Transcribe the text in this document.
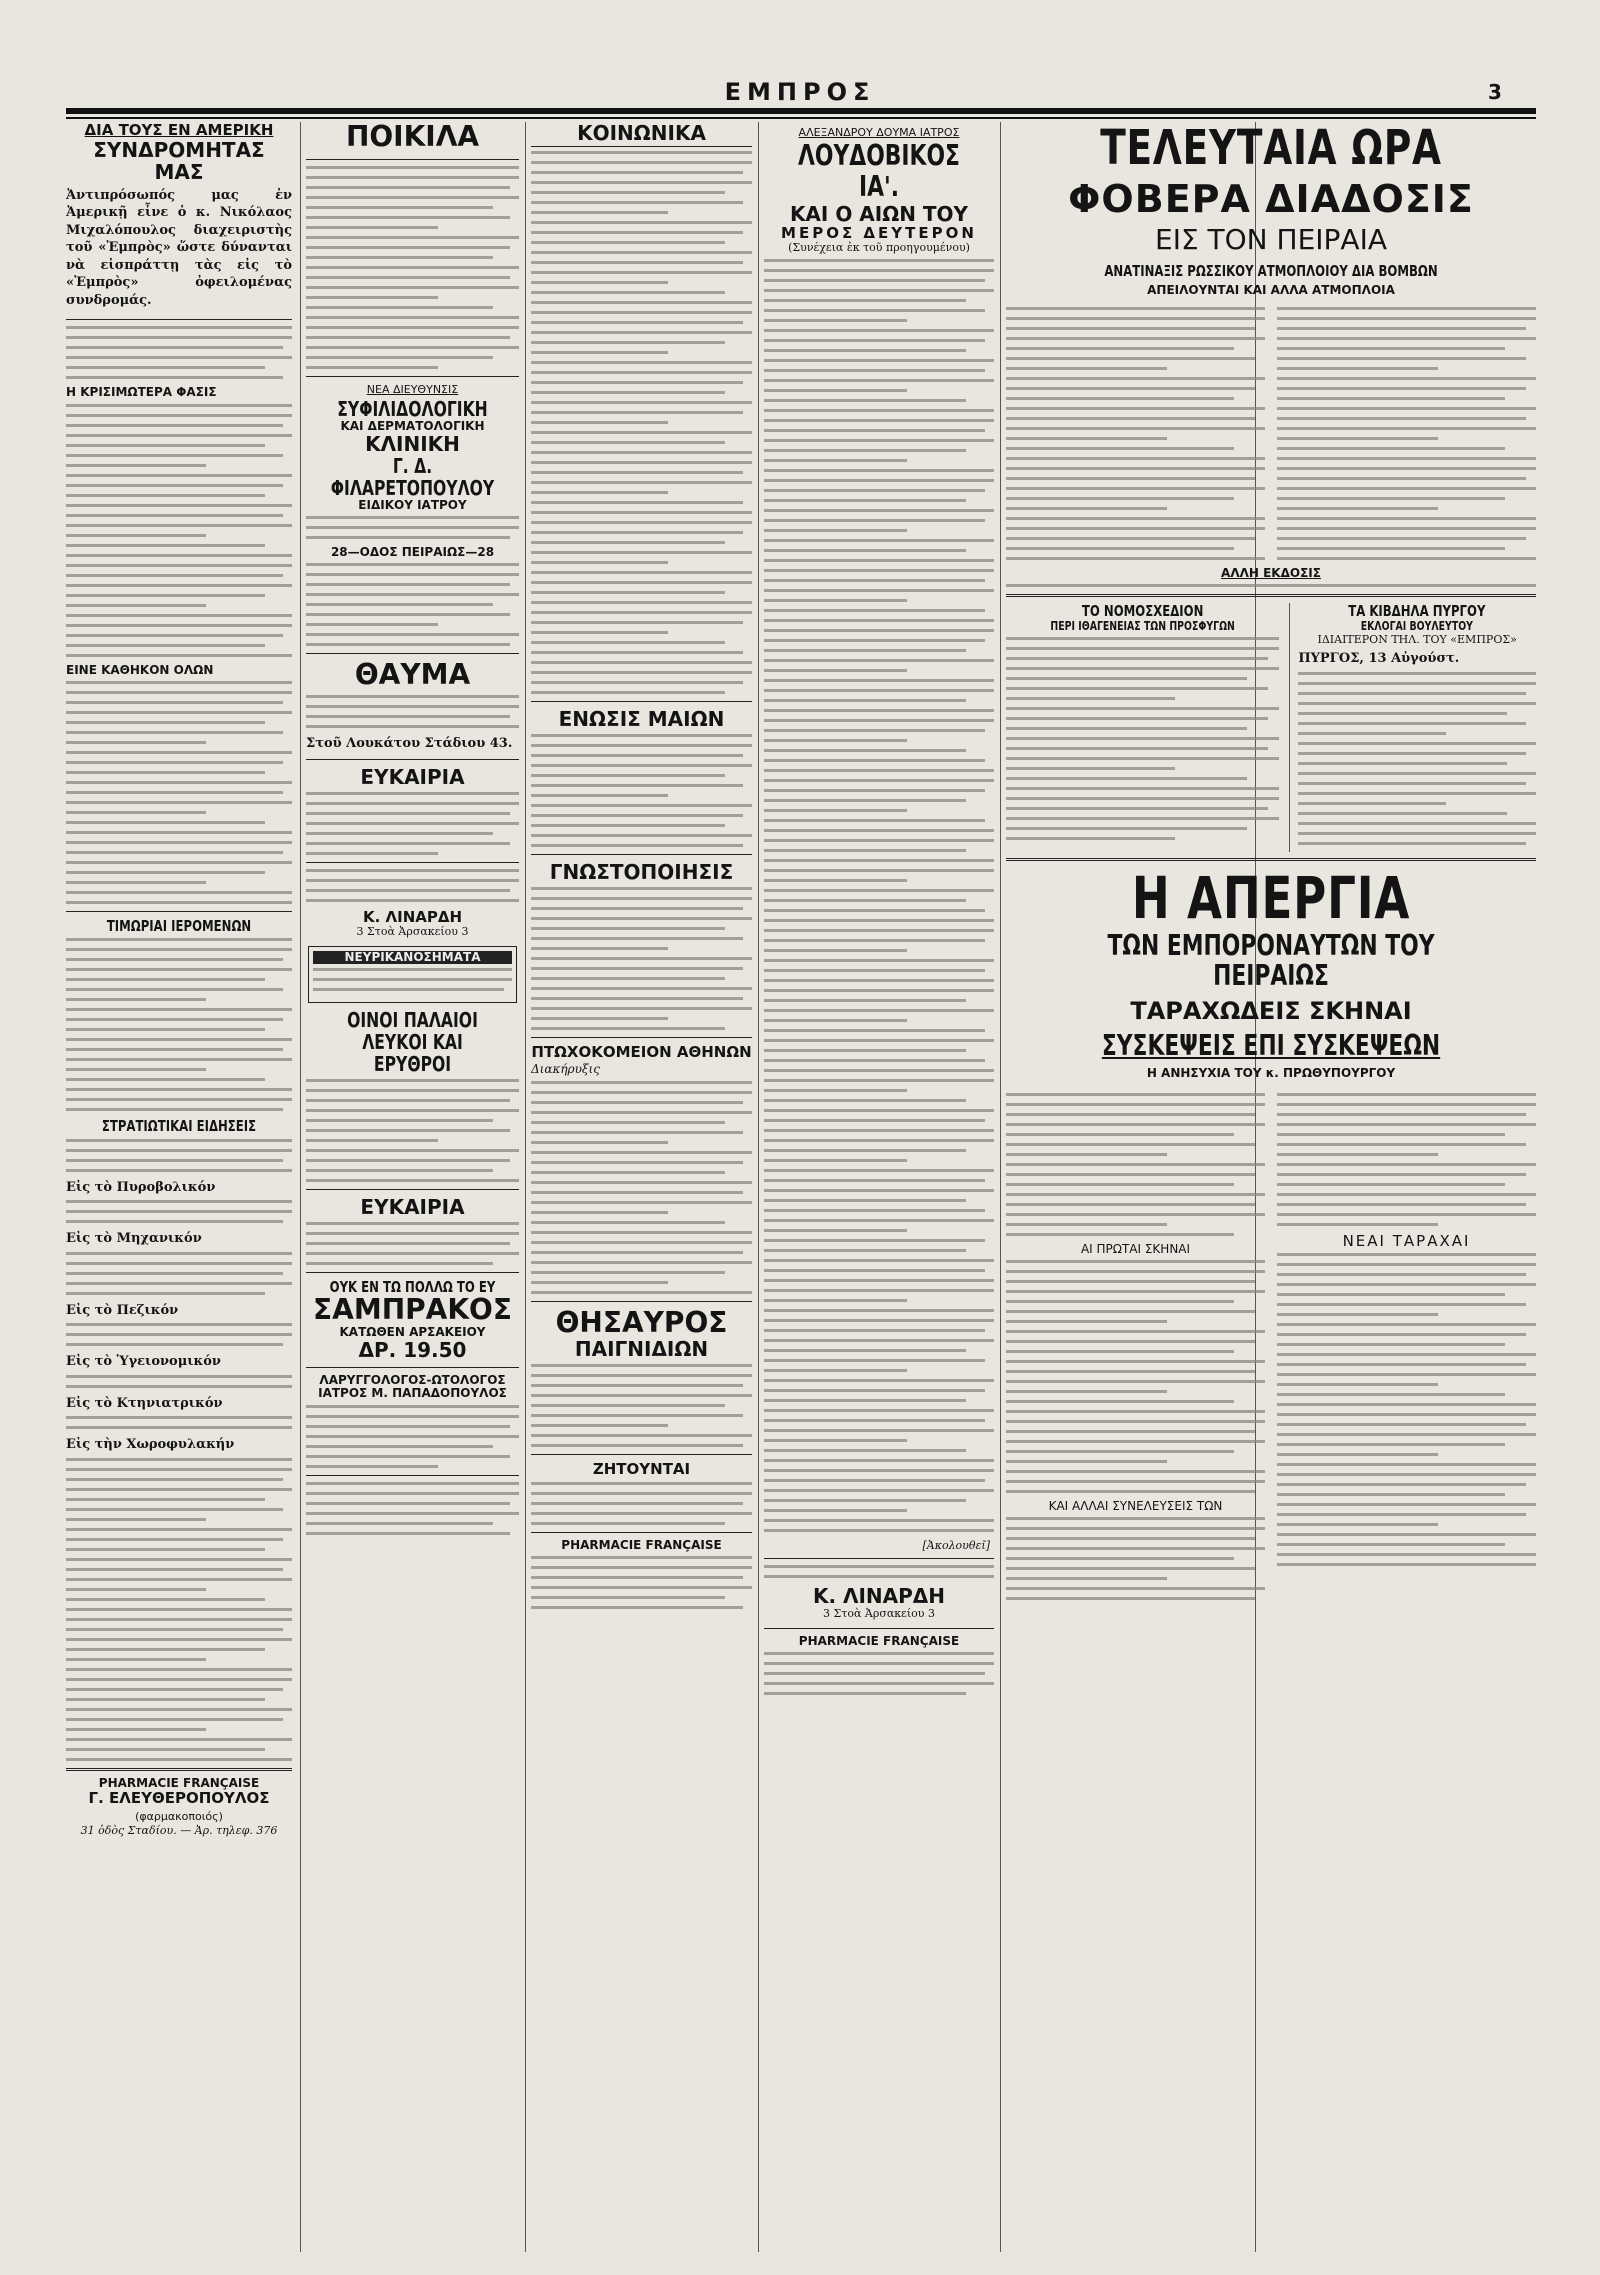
ΕΜΠΡΟΣ	3
ΔΙΑ ΤΟΥΣ ΕΝ ΑΜΕΡΙΚΗ
ΣΥΝΔΡΟΜΗΤΑΣ ΜΑΣ
Ἀντιπρόσωπός μας ἐν Ἀμερικῇ εἶνε ὁ κ. Νικόλαος Μιχαλόπουλος διαχειριστὴς τοῦ «Ἐμπρὸς» ὥστε δύνανται νὰ εἰσπράττῃ τὰς εἰς τὸ «Ἐμπρὸς» ὀφειλομένας συνδρομάς.
Η ΚΡΙΣΙΜΩΤΕΡΑ ΦΑΣΙΣ
ΕΙΝΕ ΚΑΘΗΚΟΝ ΟΛΩΝ
ΤΙΜΩΡΙΑΙ ΙΕΡΟΜΕΝΩΝ
ΣΤΡΑΤΙΩΤΙΚΑΙ ΕΙΔΗΣΕΙΣ
Εἰς τὸ Πυροβολικόν
Εἰς τὸ Μηχανικόν
Εἰς τὸ Πεζικόν
Εἰς τὸ Ὑγειονομικόν
Εἰς τὸ Κτηνιατρικόν
Εἰς τὴν Χωροφυλακήν
PHARMACIE FRANÇAISE
Γ. ΕΛΕΥΘΕΡΟΠΟΥΛΟΣ (φαρμακοποιός)
31 ὁδὸς Σταδίου. — Ἀρ. τηλεφ. 376
ΠΟΙΚΙΛΑ
ΝΕΑ ΔΙΕΥΘΥΝΣΙΣ
ΣΥΦΙΛΙΔΟΛΟΓΙΚΗ
ΚΑΙ ΔΕΡΜΑΤΟΛΟΓΙΚΗ
ΚΛΙΝΙΚΗ
Γ. Δ. ΦΙΛΑΡΕΤΟΠΟΥΛΟΥ
ΕΙΔΙΚΟΥ ΙΑΤΡΟΥ
28—ΟΔΟΣ ΠΕΙΡΑΙΩΣ—28
ΘΑΥΜΑ
Στοῦ Λουκάτου Στάδιου 43.
ΕΥΚΑΙΡΙΑ
Κ. ΛΙΝΑΡΔΗ
3 Στοὰ Ἀρσακείου 3
ΝΕΥΡΙΚΑΝΟΣΗΜΑΤΑ
ΟΙΝΟΙ ΠΑΛΑΙΟΙ
ΛΕΥΚΟΙ ΚΑΙ ΕΡΥΘΡΟΙ
ΕΥΚΑΙΡΙΑ
ΟΥΚ ΕΝ ΤΩ ΠΟΛΛΩ ΤΟ ΕΥ
ΣΑΜΠΡΑΚΟΣ
ΚΑΤΩΘΕΝ ΑΡΣΑΚΕΙΟΥ
ΔΡ. 19.50
ΛΑΡΥΓΓΟΛΟΓΟΣ-ΩΤΟΛΟΓΟΣ
ΙΑΤΡΟΣ Μ. ΠΑΠΑΔΟΠΟΥΛΟΣ
ΚΟΙΝΩΝΙΚΑ
ΕΝΩΣΙΣ ΜΑΙΩΝ
ΓΝΩΣΤΟΠΟΙΗΣΙΣ
ΠΤΩΧΟΚΟΜΕΙΟΝ ΑΘΗΝΩΝ
Διακήρυξις
ΘΗΣΑΥΡΟΣ
ΠΑΙΓΝΙΔΙΩΝ
ΖΗΤΟΥΝΤΑΙ
PHARMACIE FRANÇAISE
ΑΛΕΞΑΝΔΡΟΥ ΔΟΥΜΑ ΙΑΤΡΟΣ
ΛΟΥΔΟΒΙΚΟΣ ΙΑ'.
ΚΑΙ Ο ΑΙΩΝ ΤΟΥ
ΜΕΡΟΣ ΔΕΥΤΕΡΟΝ
(Συνέχεια ἐκ τοῦ προηγουμένου)
[Ἀκολουθεῖ]
Κ. ΛΙΝΑΡΔΗ
3 Στοὰ Ἀρσακείου 3
PHARMACIE FRANÇAISE
ΤΕΛΕΥΤΑΙΑ ΩΡΑ
ΦΟΒΕΡΑ ΔΙΑΔΟΣΙΣ
ΕΙΣ ΤΟΝ ΠΕΙΡΑΙΑ
ΑΝΑΤΙΝΑΞΙΣ ΡΩΣΣΙΚΟΥ ΑΤΜΟΠΛΟΙΟΥ ΔΙΑ ΒΟΜΒΩΝ
ΑΠΕΙΛΟΥΝΤΑΙ ΚΑΙ ΑΛΛΑ ΑΤΜΟΠΛΟΙΑ
ΑΛΛΗ ΕΚΔΟΣΙΣ
ΤΟ ΝΟΜΟΣΧΕΔΙΟΝ
ΠΕΡΙ ΙΘΑΓΕΝΕΙΑΣ ΤΩΝ ΠΡΟΣΦΥΓΩΝ
ΤΑ ΚΙΒΔΗΛΑ ΠΥΡΓΟΥ
ΕΚΛΟΓΑΙ ΒΟΥΛΕΥΤΟΥ
ΙΔΙΑΙΤΕΡΟΝ ΤΗΛ. ΤΟΥ «ΕΜΠΡΟΣ»
ΠΥΡΓΟΣ, 13 Αὐγούστ.
Η ΑΠΕΡΓΙΑ
ΤΩΝ ΕΜΠΟΡΟΝΑΥΤΩΝ ΤΟΥ ΠΕΙΡΑΙΩΣ
ΤΑΡΑΧΩΔΕΙΣ ΣΚΗΝΑΙ
ΣΥΣΚΕΨΕΙΣ ΕΠΙ ΣΥΣΚΕΨΕΩΝ
Η ΑΝΗΣΥΧΙΑ ΤΟΥ κ. ΠΡΩΘΥΠΟΥΡΓΟΥ
ΑΙ ΠΡΩΤΑΙ ΣΚΗΝΑΙ
ΚΑΙ ΑΛΛΑΙ ΣΥΝΕΛΕΥΣΕΙΣ ΤΩΝ
ΝΕΑΙ ΤΑΡΑΧΑΙ
